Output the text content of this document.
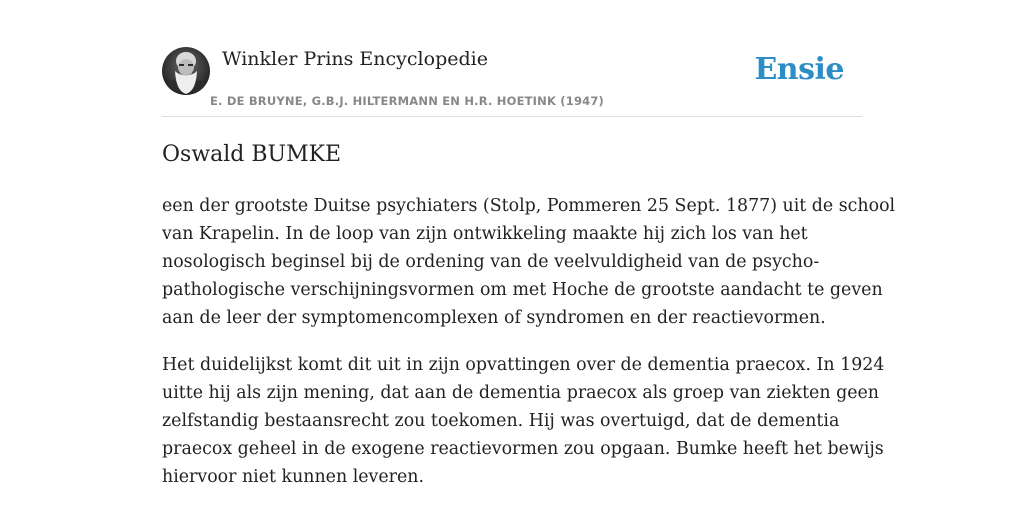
Winkler Prins Encyclopedie
E. DE BRUYNE, G.B.J. HILTERMANN EN H.R. HOETINK (1947)
Ensie
Oswald BUMKE

een der grootste Duitse psychiaters (Stolp, Pommeren 25 Sept. 1877) uit de school
van Krapelin. In de loop van zijn ontwikkeling maakte hij zich los van het
nosologisch beginsel bij de ordening van de veelvuldigheid van de psycho-
pathologische verschijningsvormen om met Hoche de grootste aandacht te geven
aan de leer der symptomencomplexen of syndromen en der reactievormen.

Het duidelijkst komt dit uit in zijn opvattingen over de dementia praecox. In 1924
uitte hij als zijn mening, dat aan de dementia praecox als groep van ziekten geen
zelfstandig bestaansrecht zou toekomen. Hij was overtuigd, dat de dementia
praecox geheel in de exogene reactievormen zou opgaan. Bumke heeft het bewijs
hiervoor niet kunnen leveren.
